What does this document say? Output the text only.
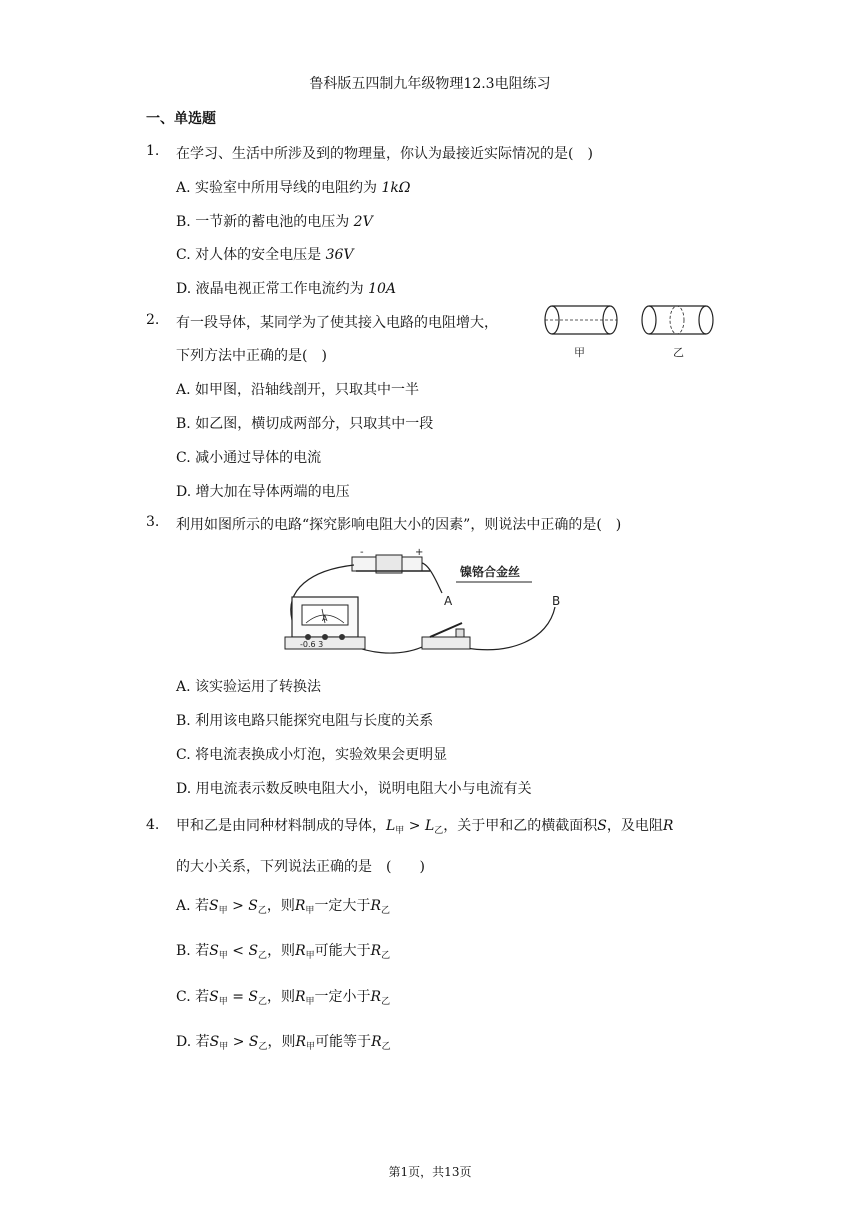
鲁科版五四制九年级物理12.3电阻练习
一、单选题
1. 在学习、生活中所涉及到的物理量，你认为最接近实际情况的是(　)
A. 实验室中所用导线的电阻约为 1kΩ
B. 一节新的蓄电池的电压为 2V
C. 对人体的安全电压是 36V
D. 液晶电视正常工作电流约为 10A
2. 有一段导体，某同学为了使其接入电路的电阻增大，
下列方法中正确的是(　)	甲	乙
A. 如甲图，沿轴线剖开，只取其中一半
B. 如乙图，横切成两部分，只取其中一段
C. 减小通过导体的电流
D. 增大加在导体两端的电压
3. 利用如图所示的电路“探究影响电阻大小的因素”，则说法中正确的是(　)
-	+
A
-0.6 3
A	B
镍铬合金丝
A. 该实验运用了转换法
B. 利用该电路只能探究电阻与长度的关系
C. 将电流表换成小灯泡，实验效果会更明显
D. 用电流表示数反映电阻大小，说明电阻大小与电流有关
4. 甲和乙是由同种材料制成的导体，$L_甲 > L_乙$，关于甲和乙的横截面积S，及电阻R
的大小关系，下列说法正确的是　(　　)
A. 若$S_甲 > S_乙$，则$R_甲$一定大于$R_乙$
B. 若$S_甲 < S_乙$，则$R_甲$可能大于$R_乙$
C. 若$S_甲 = S_乙$，则$R_甲$一定小于$R_乙$
D. 若$S_甲 > S_乙$，则$R_甲$可能等于$R_乙$
第1页，共13页
